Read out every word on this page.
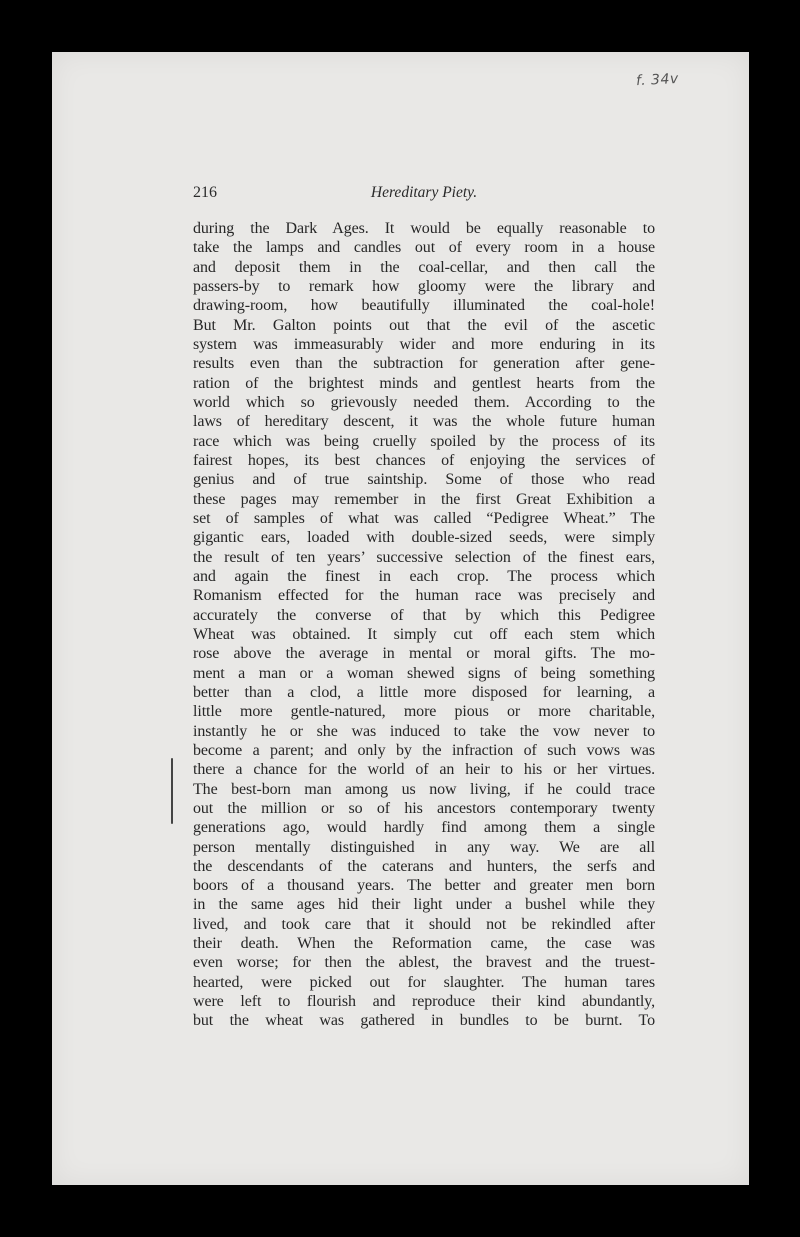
f. 34v
216	Hereditary Piety.
during the Dark Ages. It would be equally reasonable to
take the lamps and candles out of every room in a house
and deposit them in the coal-cellar, and then call the
passers-by to remark how gloomy were the library and
drawing-room, how beautifully illuminated the coal-hole!
But Mr. Galton points out that the evil of the ascetic
system was immeasurably wider and more enduring in its
results even than the subtraction for generation after gene-
ration of the brightest minds and gentlest hearts from the
world which so grievously needed them. According to the
laws of hereditary descent, it was the whole future human
race which was being cruelly spoiled by the process of its
fairest hopes, its best chances of enjoying the services of
genius and of true saintship. Some of those who read
these pages may remember in the first Great Exhibition a
set of samples of what was called “Pedigree Wheat.” The
gigantic ears, loaded with double-sized seeds, were simply
the result of ten years’ successive selection of the finest ears,
and again the finest in each crop. The process which
Romanism effected for the human race was precisely and
accurately the converse of that by which this Pedigree
Wheat was obtained. It simply cut off each stem which
rose above the average in mental or moral gifts. The mo-
ment a man or a woman shewed signs of being something
better than a clod, a little more disposed for learning, a
little more gentle-natured, more pious or more charitable,
instantly he or she was induced to take the vow never to
become a parent; and only by the infraction of such vows was
there a chance for the world of an heir to his or her virtues.
The best-born man among us now living, if he could trace
out the million or so of his ancestors contemporary twenty
generations ago, would hardly find among them a single
person mentally distinguished in any way. We are all
the descendants of the caterans and hunters, the serfs and
boors of a thousand years. The better and greater men born
in the same ages hid their light under a bushel while they
lived, and took care that it should not be rekindled after
their death. When the Reformation came, the case was
even worse; for then the ablest, the bravest and the truest-
hearted, were picked out for slaughter. The human tares
were left to flourish and reproduce their kind abundantly,
but the wheat was gathered in bundles to be burnt. To
